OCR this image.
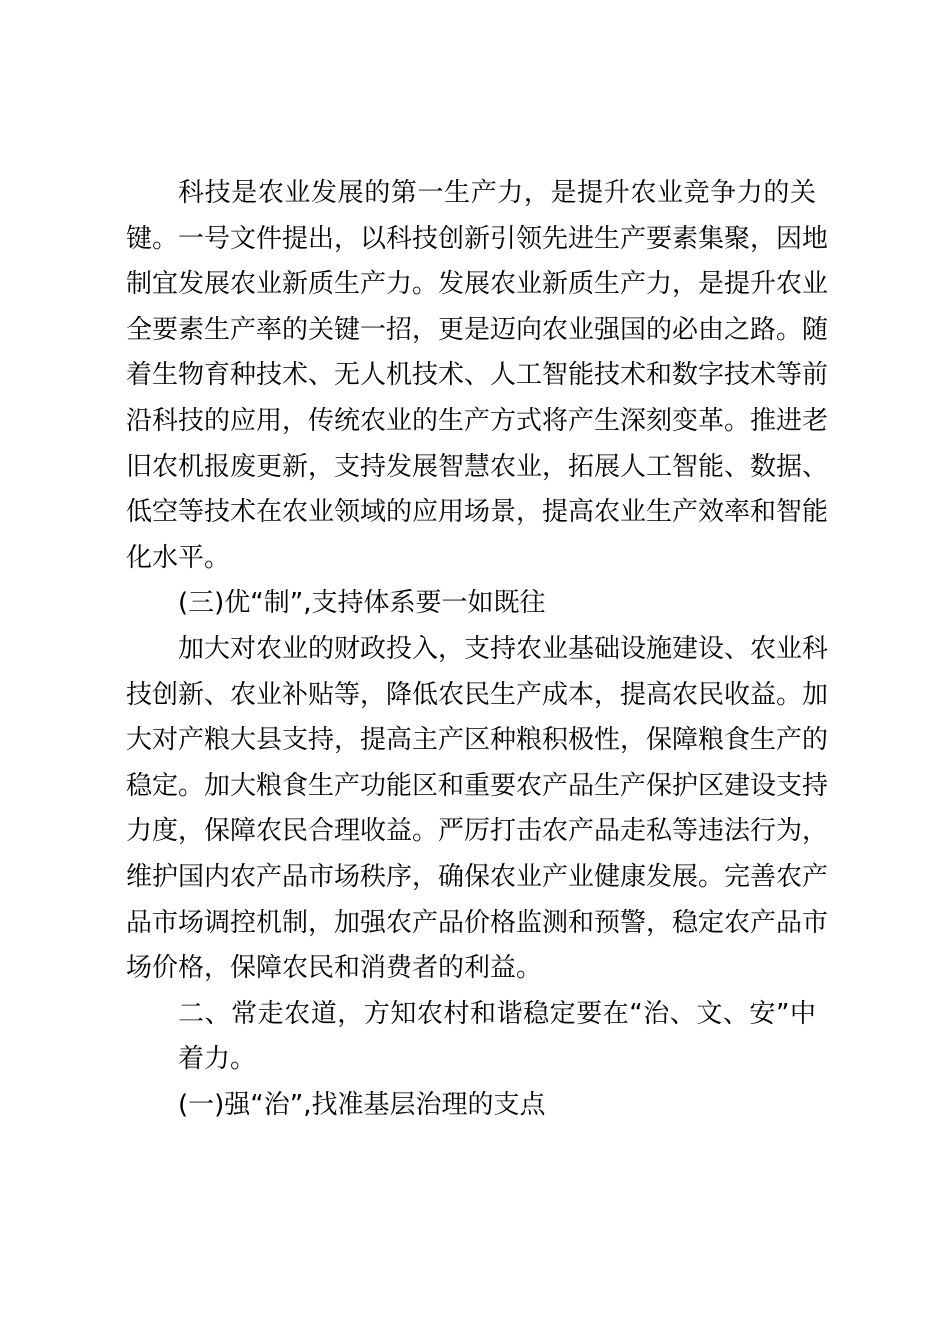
科技是农业发展的第一生产力，是提升农业竞争力的关
键。一号文件提出，以科技创新引领先进生产要素集聚，因地
制宜发展农业新质生产力。发展农业新质生产力，是提升农业
全要素生产率的关键一招，更是迈向农业强国的必由之路。随
着生物育种技术、无人机技术、人工智能技术和数字技术等前
沿科技的应用，传统农业的生产方式将产生深刻变革。推进老
旧农机报废更新，支持发展智慧农业，拓展人工智能、数据、
低空等技术在农业领域的应用场景，提高农业生产效率和智能
化水平。
(三)优“制”,支持体系要一如既往
加大对农业的财政投入，支持农业基础设施建设、农业科
技创新、农业补贴等，降低农民生产成本，提高农民收益。加
大对产粮大县支持，提高主产区种粮积极性，保障粮食生产的
稳定。加大粮食生产功能区和重要农产品生产保护区建设支持
力度，保障农民合理收益。严厉打击农产品走私等违法行为，
维护国内农产品市场秩序，确保农业产业健康发展。完善农产
品市场调控机制，加强农产品价格监测和预警，稳定农产品市
场价格，保障农民和消费者的利益。
二、常走农道，方知农村和谐稳定要在“治、文、安”中
着力。
(一)强“治”,找准基层治理的支点
